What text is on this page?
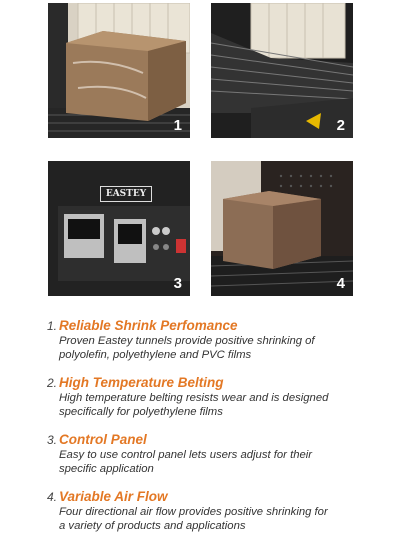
1	2
EASTEY
3	4
1. Reliable Shrink Perfomance
Proven Eastey tunnels provide positive shrinking of
polyolefin, polyethylene and PVC films
2. High Temperature Belting
High temperature belting resists wear and is designed
specifically for polyethylene films
3. Control Panel
Easy to use control panel lets users adjust for their
specific application
4. Variable Air Flow
Four directional air flow provides positive shrinking for
a variety of products and applications
